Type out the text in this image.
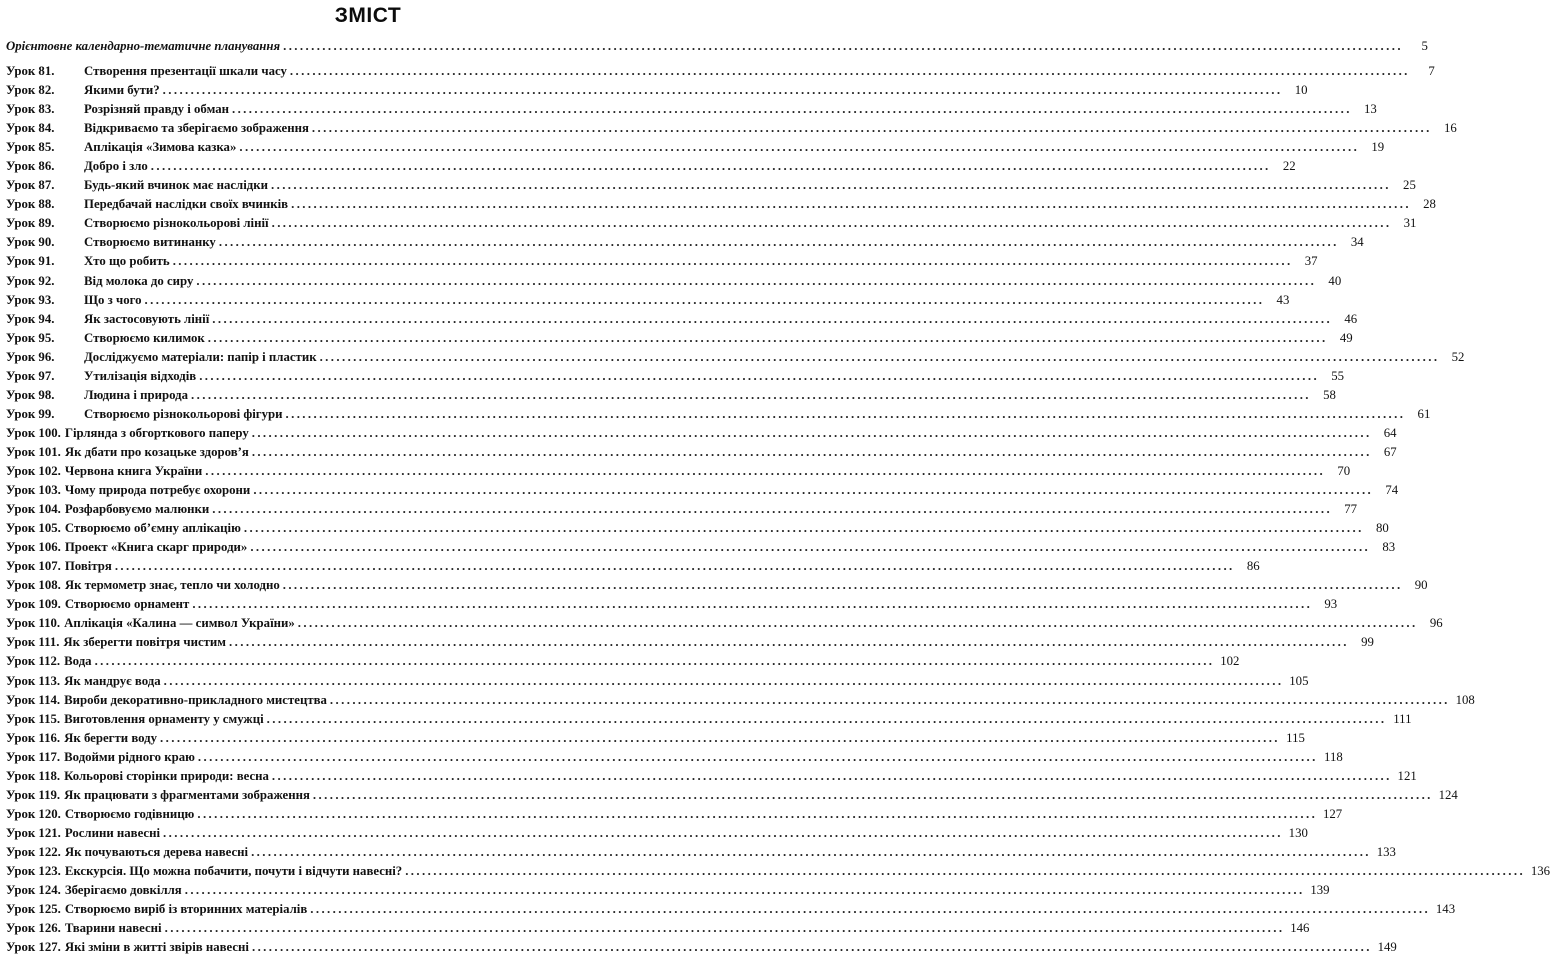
ЗМІСТ
Орієнтовне календарно-тематичне планування ........................................................................................................................................................................................................	5
Урок 81.	Створення презентації шкали часу ........................................................................................................................................................................................................	7
Урок 82.	Якими бути? ........................................................................................................................................................................................................ 10
Урок 83.	Розрізняй правду і обман ........................................................................................................................................................................................................ 13
Урок 84.	Відкриваємо та зберігаємо зображення ........................................................................................................................................................................................................ 16
Урок 85.	Аплікація «Зимова казка» ........................................................................................................................................................................................................ 19
Урок 86.	Добро і зло ........................................................................................................................................................................................................ 22
Урок 87.	Будь-який вчинок має наслідки ........................................................................................................................................................................................................ 25
Урок 88.	Передбачай наслідки своїх вчинків ........................................................................................................................................................................................................ 28
Урок 89.	Створюємо різнокольорові лінії ........................................................................................................................................................................................................ 31
Урок 90.	Створюємо витинанку ........................................................................................................................................................................................................ 34
Урок 91.	Хто що робить ........................................................................................................................................................................................................ 37
Урок 92.	Від молока до сиру ........................................................................................................................................................................................................ 40
Урок 93.	Що з чого ........................................................................................................................................................................................................ 43
Урок 94.	Як застосовують лінії ........................................................................................................................................................................................................ 46
Урок 95.	Створюємо килимок ........................................................................................................................................................................................................ 49
Урок 96.	Досліджуємо матеріали: папір і пластик ........................................................................................................................................................................................................ 52
Урок 97.	Утилізація відходів ........................................................................................................................................................................................................ 55
Урок 98.	Людина і природа ........................................................................................................................................................................................................ 58
Урок 99.	Створюємо різнокольорові фігури ........................................................................................................................................................................................................ 61
Урок 100. Гірлянда з обгорткового паперу ........................................................................................................................................................................................................ 64
Урок 101. Як дбати про козацьке здоров’я ........................................................................................................................................................................................................ 67
Урок 102. Червона книга України ........................................................................................................................................................................................................ 70
Урок 103. Чому природа потребує охорони ........................................................................................................................................................................................................ 74
Урок 104. Розфарбовуємо малюнки ........................................................................................................................................................................................................ 77
Урок 105. Створюємо об’ємну аплікацію ........................................................................................................................................................................................................ 80
Урок 106. Проект «Книга скарг природи» ........................................................................................................................................................................................................ 83
Урок 107. Повітря ........................................................................................................................................................................................................ 86
Урок 108. Як термометр знає, тепло чи холодно ........................................................................................................................................................................................................ 90
Урок 109. Створюємо орнамент ........................................................................................................................................................................................................ 93
Урок 110. Аплікація «Калина — символ України» ........................................................................................................................................................................................................ 96
Урок 111. Як зберегти повітря чистим ........................................................................................................................................................................................................ 99
Урок 112. Вода ........................................................................................................................................................................................................ 102
Урок 113. Як мандрує вода ........................................................................................................................................................................................................ 105
Урок 114. Вироби декоративно-прикладного мистецтва ........................................................................................................................................................................................................ 108
Урок 115. Виготовлення орнаменту у смужці ........................................................................................................................................................................................................ 111
Урок 116. Як берегти воду ........................................................................................................................................................................................................ 115
Урок 117. Водойми рідного краю ........................................................................................................................................................................................................ 118
Урок 118. Кольорові сторінки природи: весна ........................................................................................................................................................................................................ 121
Урок 119. Як працювати з фрагментами зображення ........................................................................................................................................................................................................ 124
Урок 120. Створюємо годівницю ........................................................................................................................................................................................................ 127
Урок 121. Рослини навесні ........................................................................................................................................................................................................ 130
Урок 122. Як почуваються дерева навесні ........................................................................................................................................................................................................ 133
Урок 123. Екскурсія. Що можна побачити, почути і відчути навесні? ........................................................................................................................................................................................................ 136
Урок 124. Зберігаємо довкілля ........................................................................................................................................................................................................ 139
Урок 125. Створюємо виріб із вторинних матеріалів ........................................................................................................................................................................................................ 143
Урок 126. Тварини навесні ........................................................................................................................................................................................................ 146
Урок 127. Які зміни в житті звірів навесні ........................................................................................................................................................................................................ 149
